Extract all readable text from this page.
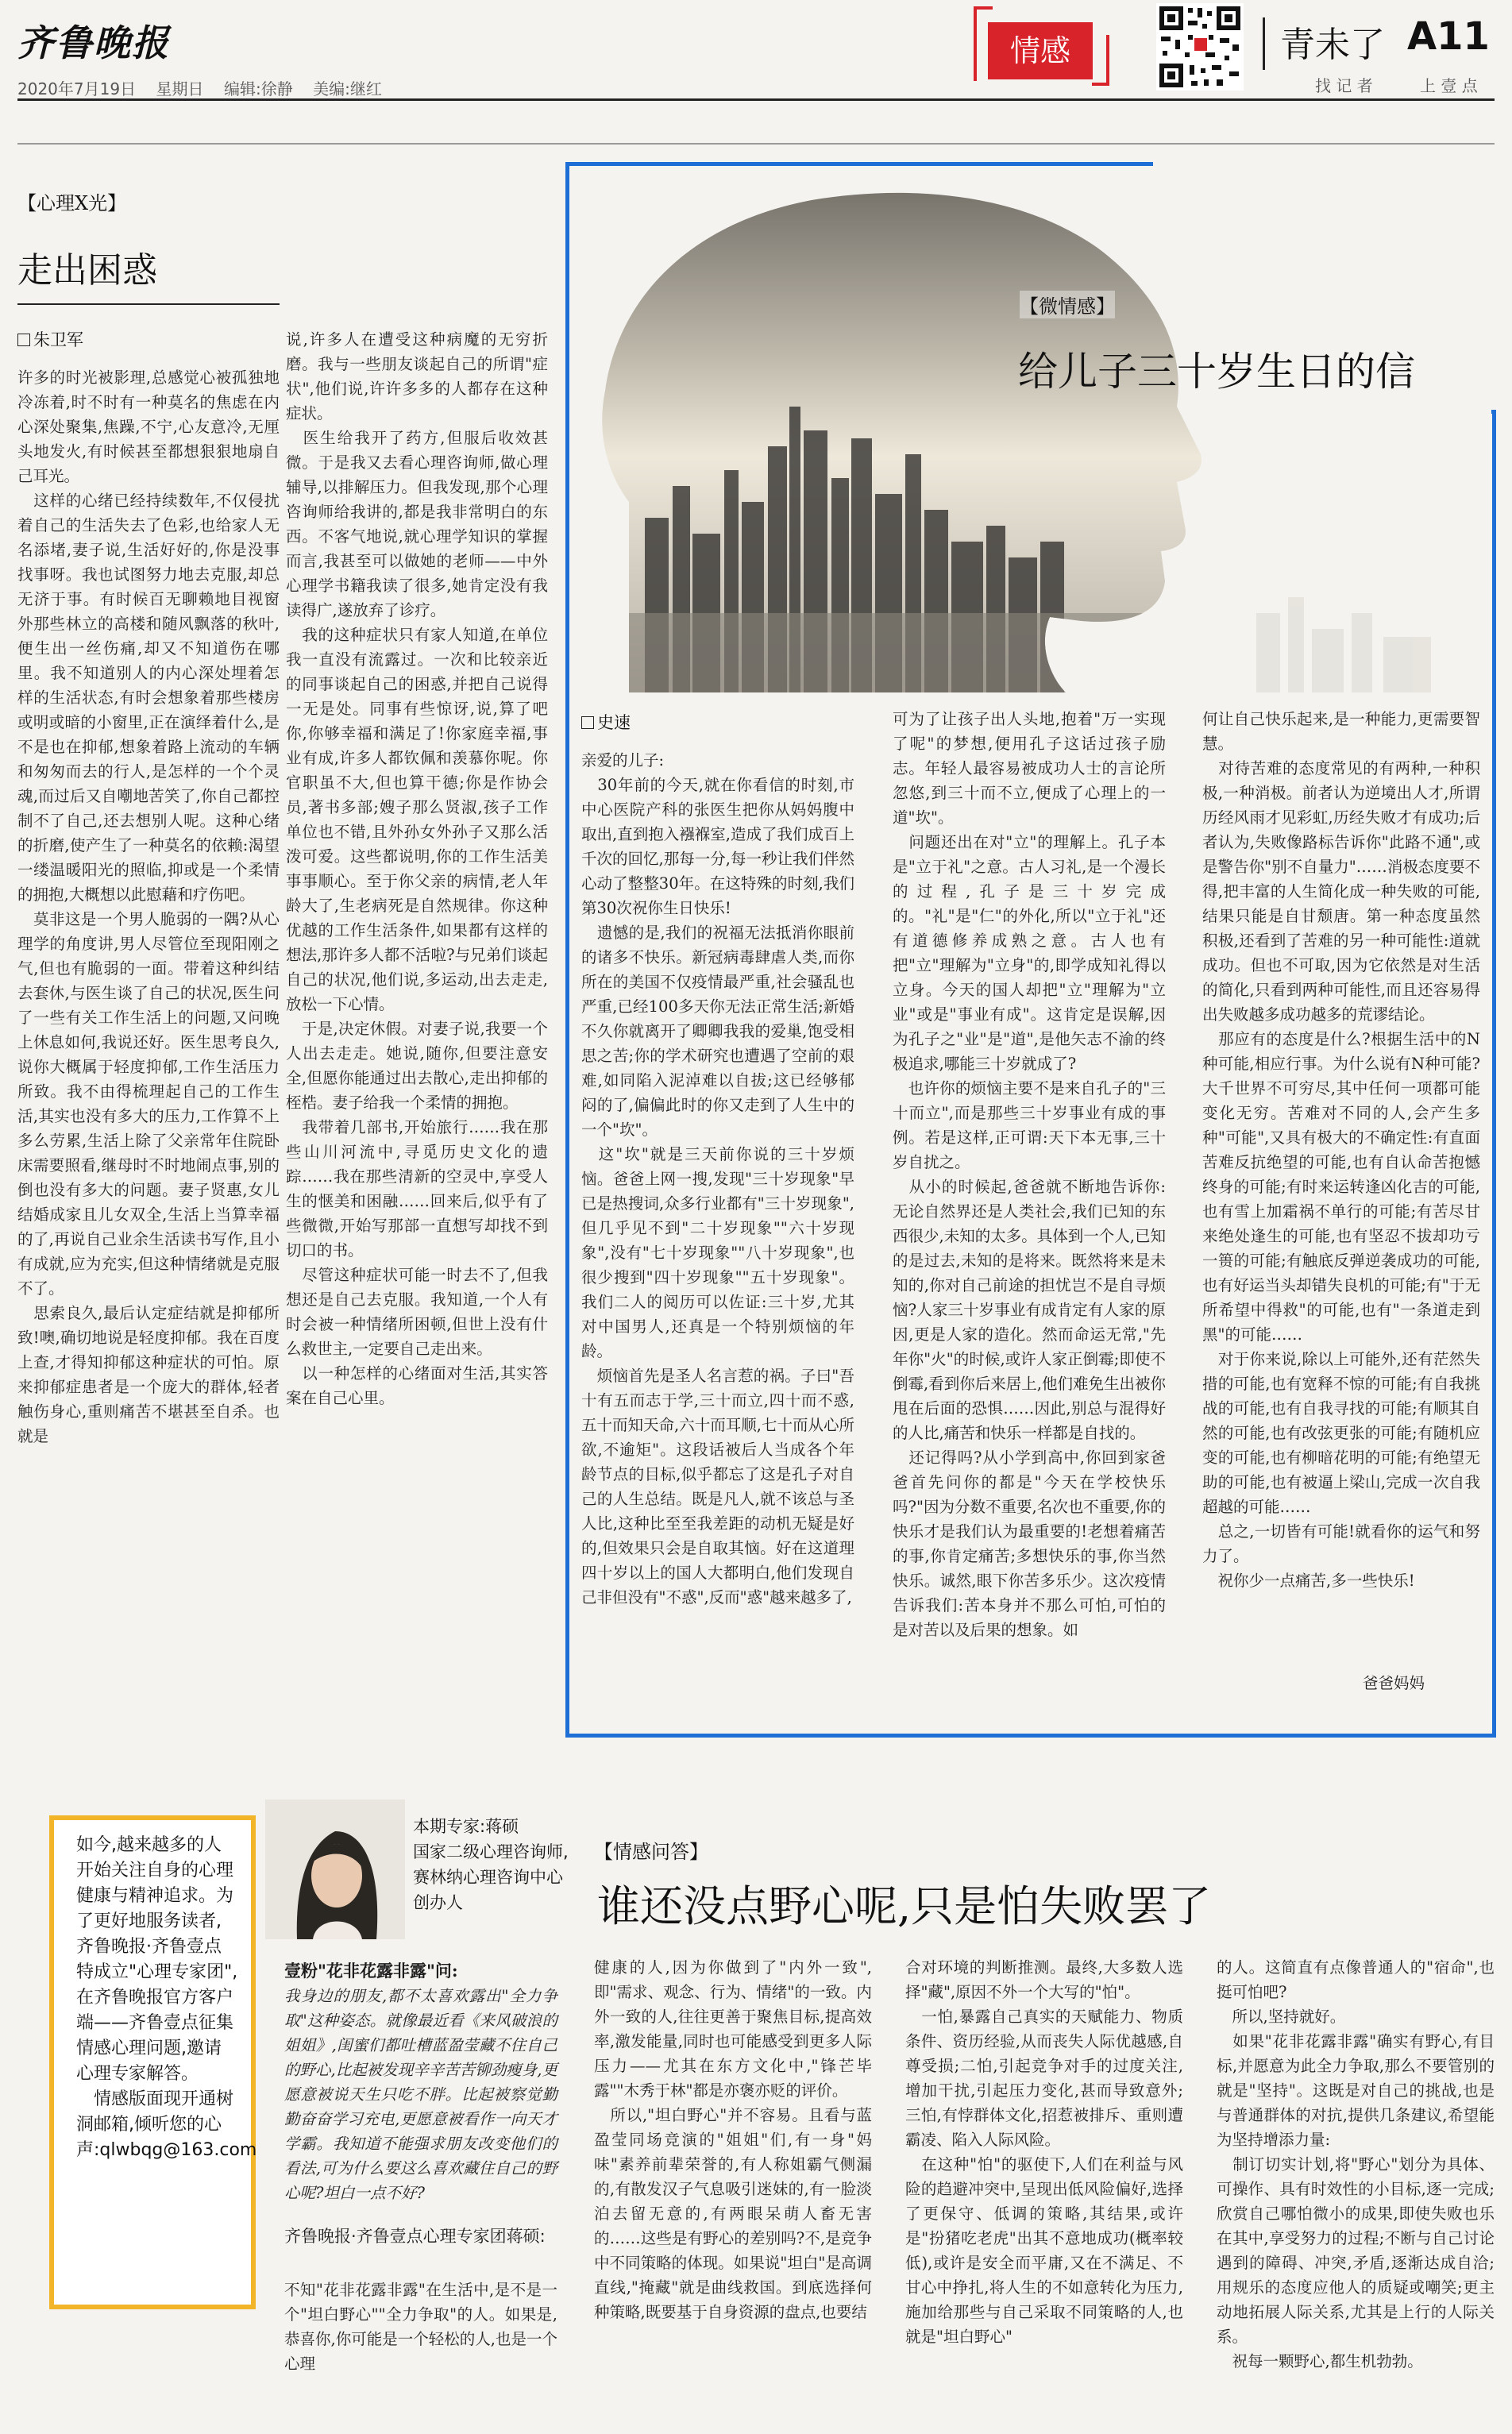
齐鲁晚报
2020年7月19日 星期日 编辑:徐静 美编:继红
情感	青未了 A11
找 记 者	上 壹 点
【心理X光】
走出困惑
朱卫军
许多的时光被影理,总感觉心被孤独地冷冻着,时不时有一种莫名的焦虑在内心深处聚集,焦躁,不宁,心友意冷,无厘头地发火,有时候甚至都想狠狠地扇自己耳光。
　这样的心绪已经持续数年,不仅侵扰着自己的生活失去了色彩,也给家人无名添堵,妻子说,生活好好的,你是没事找事呀。我也试图努力地去克服,却总无济于事。有时候百无聊赖地目视窗外那些林立的高楼和随风飘落的秋叶,便生出一丝伤痛,却又不知道伤在哪里。我不知道别人的内心深处埋着怎样的生活状态,有时会想象着那些楼房或明或暗的小窗里,正在演绎着什么,是不是也在抑郁,想象着路上流动的车辆和匆匆而去的行人,是怎样的一个个灵魂,而过后又自嘲地苦笑了,你自己都控制不了自己,还去想别人呢。这种心绪的折磨,使产生了一种莫名的依赖:渴望一缕温暖阳光的照临,抑或是一个柔情的拥抱,大概想以此慰藉和疗伤吧。
　莫非这是一个男人脆弱的一隅?从心理学的角度讲,男人尽管位至现阳刚之气,但也有脆弱的一面。带着这种纠结去套休,与医生谈了自己的状况,医生问了一些有关工作生活上的问题,又问晚上休息如何,我说还好。医生思考良久,说你大概属于轻度抑郁,工作生活压力所致。我不由得梳理起自己的工作生活,其实也没有多大的压力,工作算不上多么劳累,生活上除了父亲常年住院卧床需要照看,继母时不时地闹点事,别的倒也没有多大的问题。妻子贤惠,女儿结婚成家且儿女双全,生活上当算幸福的了,再说自己业余生活读书写作,且小有成就,应为充实,但这种情绪就是克服不了。
　思索良久,最后认定症结就是抑郁所致!噢,确切地说是轻度抑郁。我在百度上查,才得知抑郁这种症状的可怕。原来抑郁症患者是一个庞大的群体,轻者触伤身心,重则痛苦不堪甚至自杀。也就是
说,许多人在遭受这种病魔的无穷折磨。我与一些朋友谈起自己的所谓"症状",他们说,许许多多的人都存在这种症状。
　医生给我开了药方,但服后收效甚微。于是我又去看心理咨询师,做心理辅导,以排解压力。但我发现,那个心理咨询师给我讲的,都是我非常明白的东西。不客气地说,就心理学知识的掌握而言,我甚至可以做她的老师——中外心理学书籍我读了很多,她肯定没有我读得广,遂放弃了诊疗。
　我的这种症状只有家人知道,在单位我一直没有流露过。一次和比较亲近的同事谈起自己的困惑,并把自己说得一无是处。同事有些惊讶,说,算了吧你,你够幸福和满足了!你家庭幸福,事业有成,许多人都钦佩和羡慕你呢。你官职虽不大,但也算干德;你是作协会员,著书多部;嫂子那么贤淑,孩子工作单位也不错,且外孙女外孙子又那么活泼可爱。这些都说明,你的工作生活美事事顺心。至于你父亲的病情,老人年龄大了,生老病死是自然规律。你这种优越的工作生活条件,如果都有这样的想法,那许多人都不活啦?与兄弟们谈起自己的状况,他们说,多运动,出去走走,放松一下心情。
　于是,决定休假。对妻子说,我要一个人出去走走。她说,随你,但要注意安全,但愿你能通过出去散心,走出抑郁的桎梏。妻子给我一个柔情的拥抱。
　我带着几部书,开始旅行……我在那些山川河流中,寻觅历史文化的遗踪……我在那些清新的空灵中,享受人生的惬美和困融……回来后,似乎有了些微微,开始写那部一直想写却找不到切口的书。
　尽管这种症状可能一时去不了,但我想还是自己去克服。我知道,一个人有时会被一种情绪所困顿,但世上没有什么救世主,一定要自己走出来。
　以一种怎样的心绪面对生活,其实答案在自己心里。
【微情感】
给儿子三十岁生日的信
史速
亲爱的儿子:
　30年前的今天,就在你看信的时刻,市中心医院产科的张医生把你从妈妈腹中取出,直到抱入襁褓室,造成了我们成百上千次的回忆,那每一分,每一秒让我们伴然心动了整整30年。在这特殊的时刻,我们第30次祝你生日快乐!
　遗憾的是,我们的祝福无法抵消你眼前的诸多不快乐。新冠病毒肆虐人类,而你所在的美国不仅疫情最严重,社会骚乱也严重,已经100多天你无法正常生活;新婚不久你就离开了卿卿我我的爱巢,饱受相思之苦;你的学术研究也遭遇了空前的艰难,如同陷入泥淖难以自拔;这已经够郁闷的了,偏偏此时的你又走到了人生中的一个"坎"。
　这"坎"就是三天前你说的三十岁烦恼。爸爸上网一搜,发现"三十岁现象"早已是热搜词,众多行业都有"三十岁现象",但几乎见不到"二十岁现象""六十岁现象",没有"七十岁现象""八十岁现象",也很少搜到"四十岁现象""五十岁现象"。我们二人的阅历可以佐证:三十岁,尤其对中国男人,还真是一个特别烦恼的年龄。
　烦恼首先是圣人名言惹的祸。子曰"吾十有五而志于学,三十而立,四十而不惑,五十而知天命,六十而耳顺,七十而从心所欲,不逾矩"。这段话被后人当成各个年龄节点的目标,似乎都忘了这是孔子对自己的人生总结。既是凡人,就不该总与圣人比,这种比至至我差距的动机无疑是好的,但效果只会是自取其恼。好在这道理四十岁以上的国人大都明白,他们发现自己非但没有"不惑",反而"惑"越来越多了,
可为了让孩子出人头地,抱着"万一实现了呢"的梦想,便用孔子这话过孩子励志。年轻人最容易被成功人士的言论所忽悠,到三十而不立,便成了心理上的一道"坎"。
　问题还出在对"立"的理解上。孔子本是"立于礼"之意。古人习礼,是一个漫长的过程,孔子是三十岁完成的。"礼"是"仁"的外化,所以"立于礼"还有道德修养成熟之意。古人也有把"立"理解为"立身"的,即学成知礼得以立身。今天的国人却把"立"理解为"立业"或是"事业有成"。这肯定是误解,因为孔子之"业"是"道",是他矢志不渝的终极追求,哪能三十岁就成了?
　也许你的烦恼主要不是来自孔子的"三十而立",而是那些三十岁事业有成的事例。若是这样,正可谓:天下本无事,三十岁自扰之。
　从小的时候起,爸爸就不断地告诉你:无论自然界还是人类社会,我们已知的东西很少,未知的太多。具体到一个人,已知的是过去,未知的是将来。既然将来是未知的,你对自己前途的担忧岂不是自寻烦恼?人家三十岁事业有成肯定有人家的原因,更是人家的造化。然而命运无常,"先年你"火"的时候,或许人家正倒霉;即使不倒霉,看到你后来居上,他们难免生出被你甩在后面的恐惧……因此,别总与混得好的人比,痛苦和快乐一样都是自找的。
　还记得吗?从小学到高中,你回到家爸爸首先问你的都是"今天在学校快乐吗?"因为分数不重要,名次也不重要,你的快乐才是我们认为最重要的!老想着痛苦的事,你肯定痛苦;多想快乐的事,你当然快乐。诚然,眼下你苦多乐少。这次疫情告诉我们:苦本身并不那么可怕,可怕的是对苦以及后果的想象。如
何让自己快乐起来,是一种能力,更需要智慧。
　对待苦难的态度常见的有两种,一种积极,一种消极。前者认为逆境出人才,所谓历经风雨才见彩虹,历经失败才有成功;后者认为,失败像路标告诉你"此路不通",或是警告你"别不自量力"……消极态度要不得,把丰富的人生简化成一种失败的可能,结果只能是自甘颓唐。第一种态度虽然积极,还看到了苦难的另一种可能性:道就成功。但也不可取,因为它依然是对生活的简化,只看到两种可能性,而且还容易得出失败越多成功越多的荒谬结论。
　那应有的态度是什么?根据生活中的N种可能,相应行事。为什么说有N种可能?大千世界不可穷尽,其中任何一项都可能变化无穷。苦难对不同的人,会产生多种"可能",又具有极大的不确定性:有直面苦难反抗绝望的可能,也有自认命苦抱憾终身的可能;有时来运转逢凶化吉的可能,也有雪上加霜祸不单行的可能;有苦尽甘来绝处逢生的可能,也有坚忍不拔却功亏一篑的可能;有触底反弹逆袭成功的可能,也有好运当头却错失良机的可能;有"于无所希望中得救"的可能,也有"一条道走到黑"的可能……
　对于你来说,除以上可能外,还有茫然失措的可能,也有宽释不惊的可能;有自我挑战的可能,也有自我寻找的可能;有顺其自然的可能,也有改弦更张的可能;有随机应变的可能,也有柳暗花明的可能;有绝望无助的可能,也有被逼上梁山,完成一次自我超越的可能……
　总之,一切皆有可能!就看你的运气和努力了。
　祝你少一点痛苦,多一些快乐!
爸爸妈妈
如今,越来越多的人开始关注自身的心理健康与精神追求。为了更好地服务读者,齐鲁晚报·齐鲁壹点特成立"心理专家团",在齐鲁晚报官方客户端——齐鲁壹点征集情感心理问题,邀请心理专家解答。
　情感版面现开通树洞邮箱,倾听您的心声:qlwbqg@163.com
本期专家:蒋硕
国家二级心理咨询师,赛林纳心理咨询中心创办人
【情感问答】
谁还没点野心呢,只是怕失败罢了
壹粉"花非花露非露"问:
我身边的朋友,都不太喜欢露出"全力争取"这种姿态。就像最近看《来风破浪的姐姐》,闺蜜们都吐槽蓝盈莹藏不住自己的野心,比起被发现辛辛苦苦铆劲瘦身,更愿意被说天生只吃不胖。比起被察觉勤勤奋奋学习充电,更愿意被看作一向天才学霸。我知道不能强求朋友改变他们的看法,可为什么要这么喜欢藏住自己的野心呢?坦白一点不好?
齐鲁晚报·齐鲁壹点心理专家团蒋硕:
不知"花非花露非露"在生活中,是不是一个"坦白野心""全力争取"的人。如果是,恭喜你,你可能是一个轻松的人,也是一个心理
健康的人,因为你做到了"内外一致",即"需求、观念、行为、情绪"的一致。内外一致的人,往往更善于聚焦目标,提高效率,激发能量,同时也可能感受到更多人际压力——尤其在东方文化中,"锋芒毕露""木秀于林"都是亦褒亦贬的评价。
　所以,"坦白野心"并不容易。且看与蓝盈莹同场竞演的"姐姐"们,有一身"妈味"素养前辈荣誉的,有人称姐霸气侧漏的,有散发汉子气息吸引迷妹的,有一脸淡泊去留无意的,有两眼呆萌人畜无害的……这些是有野心的差别吗?不,是竞争中不同策略的体现。如果说"坦白"是高调直线,"掩藏"就是曲线救国。到底选择何种策略,既要基于自身资源的盘点,也要结
合对环境的判断推测。最终,大多数人选择"藏",原因不外一个大写的"怕"。
　一怕,暴露自己真实的天赋能力、物质条件、资历经验,从而丧失人际优越感,自尊受损;二怕,引起竞争对手的过度关注,增加干扰,引起压力变化,甚而导致意外;三怕,有悖群体文化,招惹被排斥、重则遭霸凌、陷入人际风险。
　在这种"怕"的驱使下,人们在利益与风险的趋避冲突中,呈现出低风险偏好,选择了更保守、低调的策略,其结果,或许是"扮猪吃老虎"出其不意地成功(概率较低),或许是安全而平庸,又在不满足、不甘心中挣扎,将人生的不如意转化为压力,施加给那些与自己采取不同策略的人,也就是"坦白野心"
的人。这简直有点像普通人的"宿命",也挺可怕吧?
　所以,坚持就好。
　如果"花非花露非露"确实有野心,有目标,并愿意为此全力争取,那么不要管别的就是"坚持"。这既是对自己的挑战,也是与普通群体的对抗,提供几条建议,希望能为坚持增添力量:
　制订切实计划,将"野心"划分为具体、可操作、具有时效性的小目标,逐一完成;欣赏自己哪怕微小的成果,即使失败也乐在其中,享受努力的过程;不断与自己讨论遇到的障碍、冲突,矛盾,逐渐达成自洽;用规乐的态度应他人的质疑或嘲笑;更主动地拓展人际关系,尤其是上行的人际关系。
　祝每一颗野心,都生机勃勃。
